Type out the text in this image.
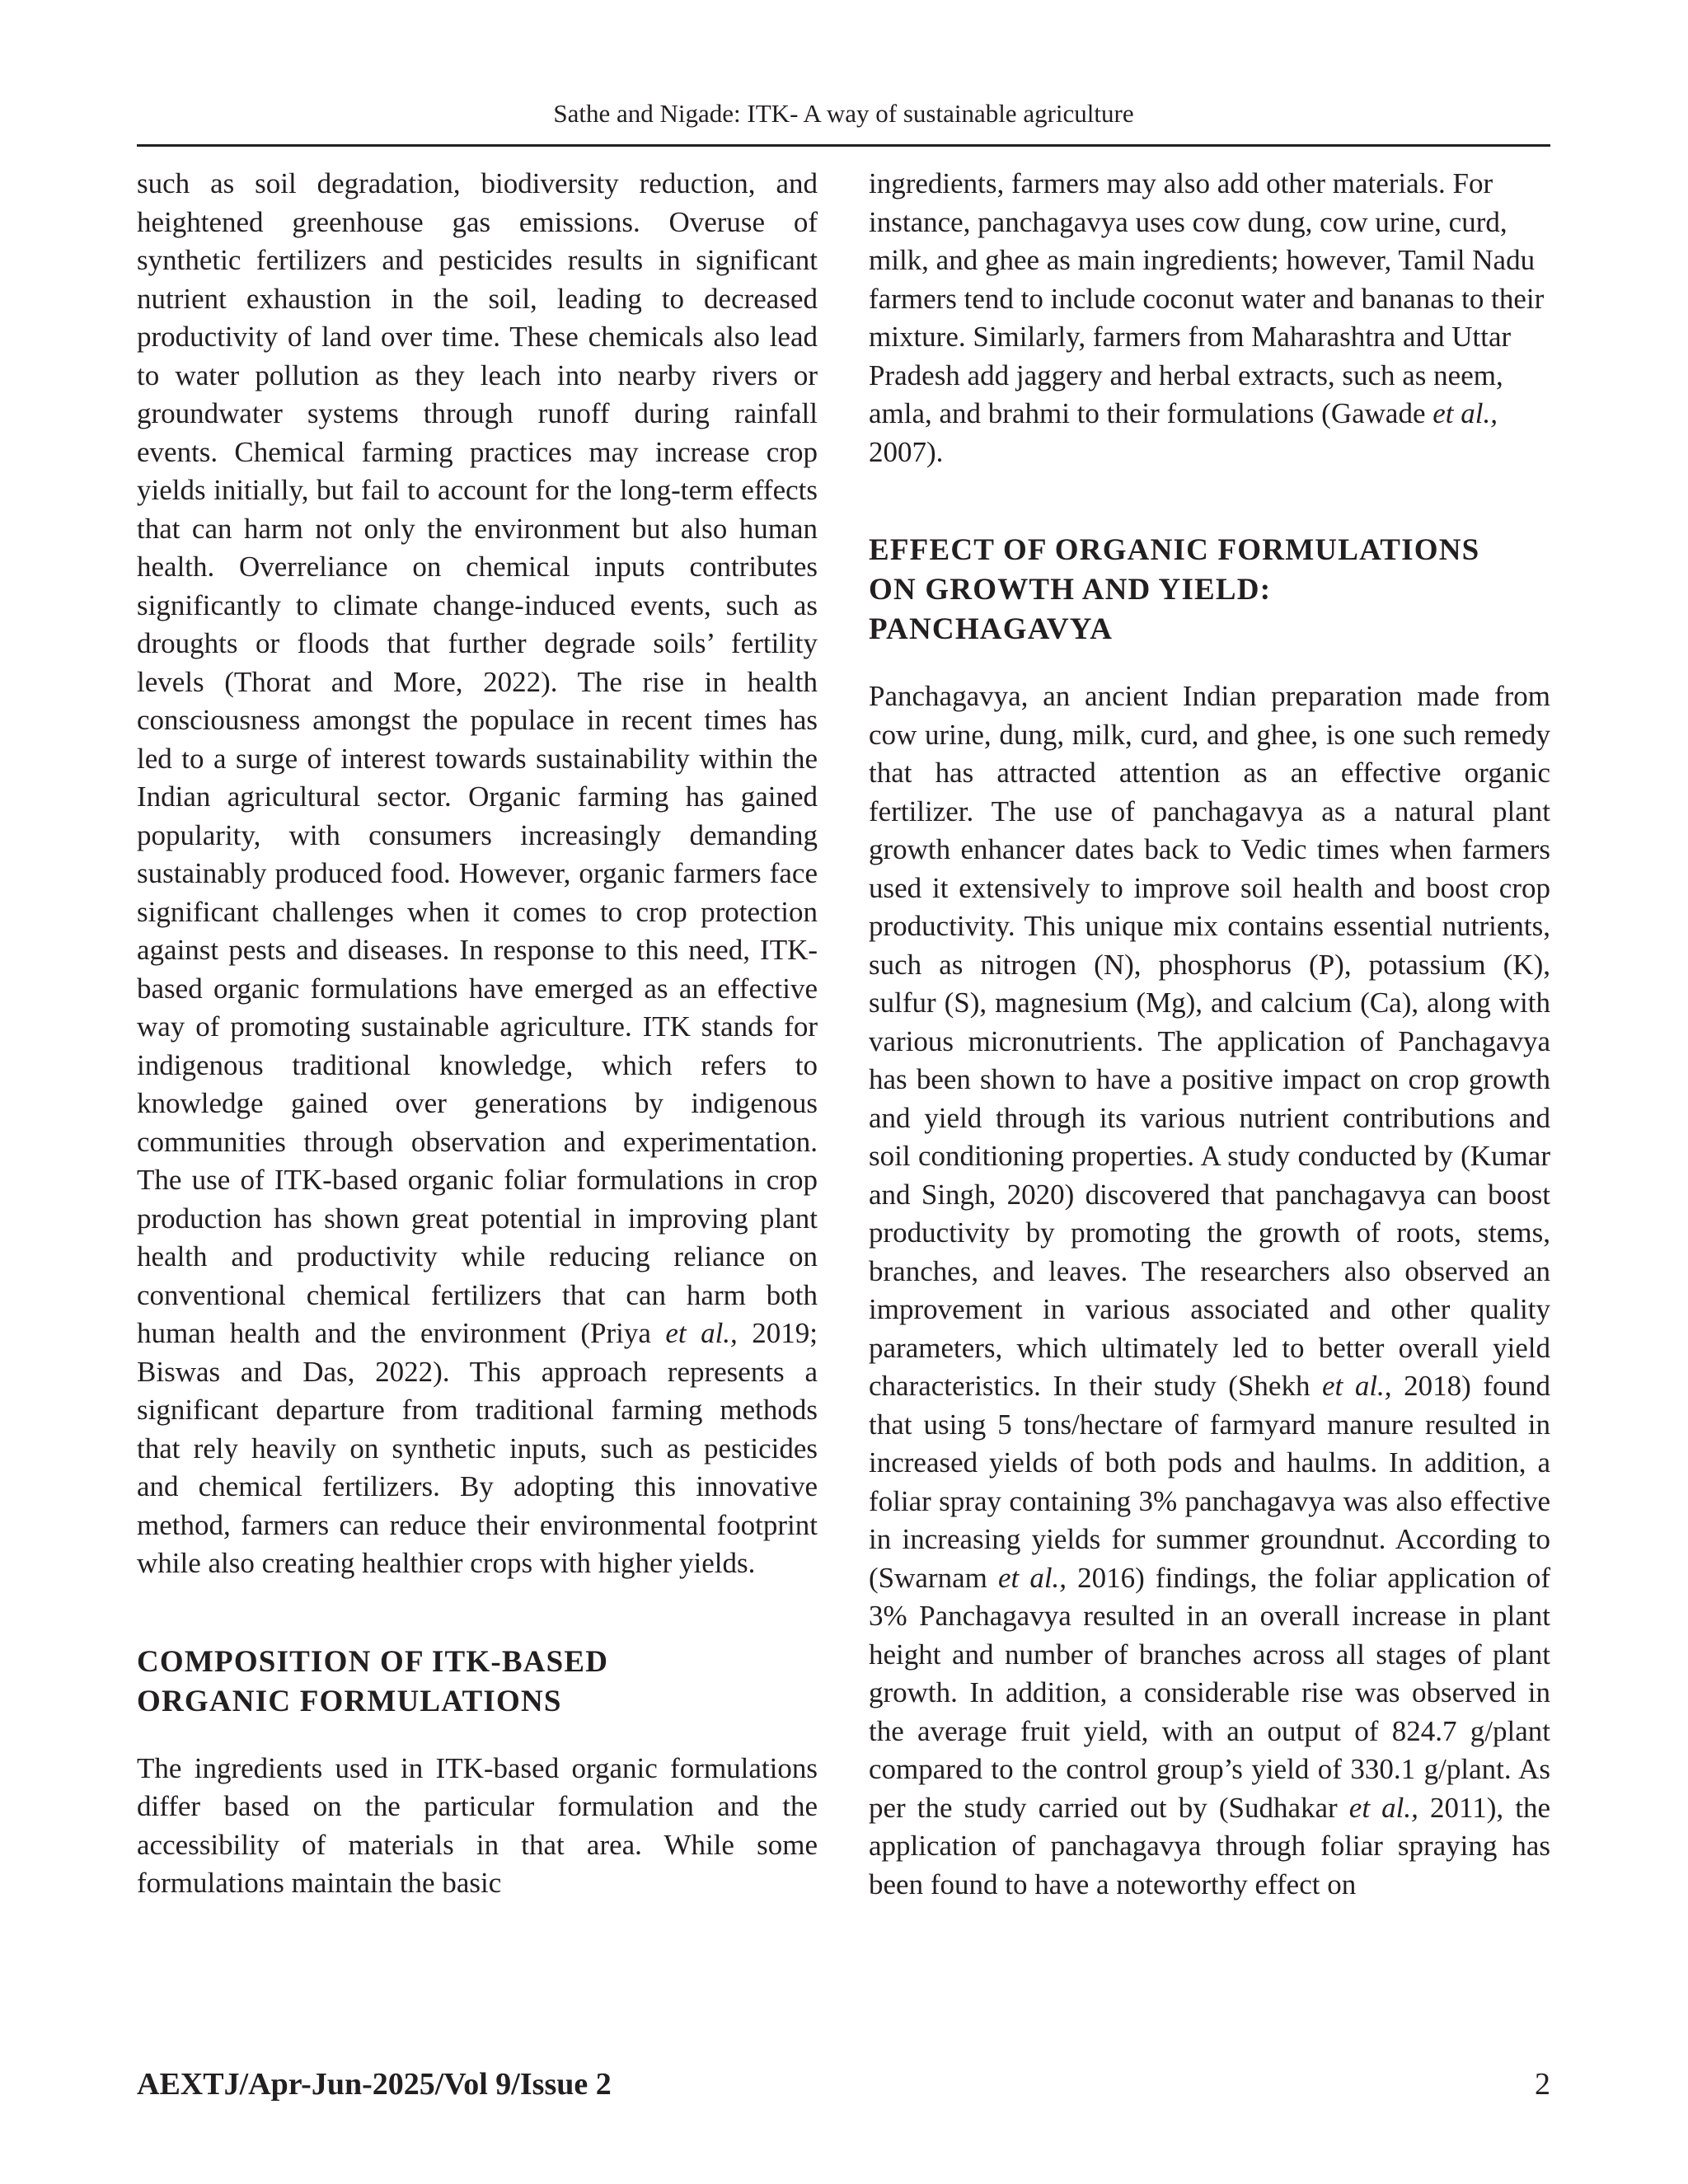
Sathe and Nigade: ITK- A way of sustainable agriculture

such as soil degradation, biodiversity reduction, and heightened greenhouse gas emissions. Overuse of synthetic fertilizers and pesticides results in significant nutrient exhaustion in the soil, leading to decreased productivity of land over time. These chemicals also lead to water pollution as they leach into nearby rivers or groundwater systems through runoff during rainfall events. Chemical farming practices may increase crop yields initially, but fail to account for the long-term effects that can harm not only the environment but also human health. Overreliance on chemical inputs contributes significantly to climate change-induced events, such as droughts or floods that further degrade soils’ fertility levels (Thorat and More, 2022). The rise in health consciousness amongst the populace in recent times has led to a surge of interest towards sustainability within the Indian agricultural sector. Organic farming has gained popularity, with consumers increasingly demanding sustainably produced food. However, organic farmers face significant challenges when it comes to crop protection against pests and diseases. In response to this need, ITK-based organic formulations have emerged as an effective way of promoting sustainable agriculture. ITK stands for indigenous traditional knowledge, which refers to knowledge gained over generations by indigenous communities through observation and experimentation. The use of ITK-based organic foliar formulations in crop production has shown great potential in improving plant health and productivity while reducing reliance on conventional chemical fertilizers that can harm both human health and the environment (Priya et al., 2019; Biswas and Das, 2022). This approach represents a significant departure from traditional farming methods that rely heavily on synthetic inputs, such as pesticides and chemical fertilizers. By adopting this innovative method, farmers can reduce their environmental footprint while also creating healthier crops with higher yields.

COMPOSITION OF ITK-BASED
ORGANIC FORMULATIONS

The ingredients used in ITK-based organic formulations differ based on the particular formulation and the accessibility of materials in that area. While some formulations maintain the basic

ingredients, farmers may also add other materials. For instance, panchagavya uses cow dung, cow urine, curd, milk, and ghee as main ingredients; however, Tamil Nadu farmers tend to include coconut water and bananas to their mixture. Similarly, farmers from Maharashtra and Uttar Pradesh add jaggery and herbal extracts, such as neem, amla, and brahmi to their formulations (Gawade et al., 2007).

EFFECT OF ORGANIC FORMULATIONS
ON GROWTH AND YIELD:
PANCHAGAVYA

Panchagavya, an ancient Indian preparation made from cow urine, dung, milk, curd, and ghee, is one such remedy that has attracted attention as an effective organic fertilizer. The use of panchagavya as a natural plant growth enhancer dates back to Vedic times when farmers used it extensively to improve soil health and boost crop productivity. This unique mix contains essential nutrients, such as nitrogen (N), phosphorus (P), potassium (K), sulfur (S), magnesium (Mg), and calcium (Ca), along with various micronutrients. The application of Panchagavya has been shown to have a positive impact on crop growth and yield through its various nutrient contributions and soil conditioning properties. A study conducted by (Kumar and Singh, 2020) discovered that panchagavya can boost productivity by promoting the growth of roots, stems, branches, and leaves. The researchers also observed an improvement in various associated and other quality parameters, which ultimately led to better overall yield characteristics. In their study (Shekh et al., 2018) found that using 5 tons/hectare of farmyard manure resulted in increased yields of both pods and haulms. In addition, a foliar spray containing 3% panchagavya was also effective in increasing yields for summer groundnut. According to (Swarnam et al., 2016) findings, the foliar application of 3% Panchagavya resulted in an overall increase in plant height and number of branches across all stages of plant growth. In addition, a considerable rise was observed in the average fruit yield, with an output of 824.7 g/plant compared to the control group’s yield of 330.1 g/plant. As per the study carried out by (Sudhakar et al., 2011), the application of panchagavya through foliar spraying has been found to have a noteworthy effect on

AEXTJ/Apr-Jun-2025/Vol 9/Issue 2	2
